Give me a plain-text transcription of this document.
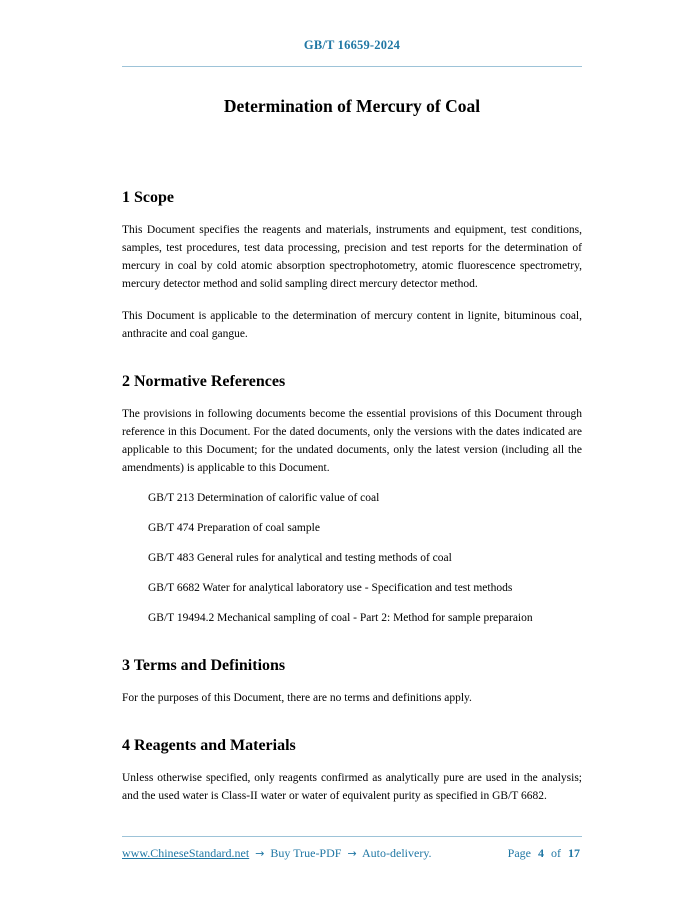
GB/T 16659-2024
Determination of Mercury of Coal
1 Scope

This Document specifies the reagents and materials, instruments and equipment, test conditions, samples, test procedures, test data processing, precision and test reports for the determination of mercury in coal by cold atomic absorption spectrophotometry, atomic fluorescence spectrometry, mercury detector method and solid sampling direct mercury detector method.

This Document is applicable to the determination of mercury content in lignite, bituminous coal, anthracite and coal gangue.

2 Normative References

The provisions in following documents become the essential provisions of this Document through reference in this Document. For the dated documents, only the versions with the dates indicated are applicable to this Document; for the undated documents, only the latest version (including all the amendments) is applicable to this Document.

GB/T 213 Determination of calorific value of coal

GB/T 474 Preparation of coal sample

GB/T 483 General rules for analytical and testing methods of coal

GB/T 6682 Water for analytical laboratory use - Specification and test methods

GB/T 19494.2 Mechanical sampling of coal - Part 2: Method for sample preparaion

3 Terms and Definitions

For the purposes of this Document, there are no terms and definitions apply.

4 Reagents and Materials

Unless otherwise specified, only reagents confirmed as analytically pure are used in the analysis; and the used water is Class-II water or water of equivalent purity as specified in GB/T 6682.

www.ChineseStandard.net → Buy True-PDF → Auto-delivery.	Page 4 of 17
